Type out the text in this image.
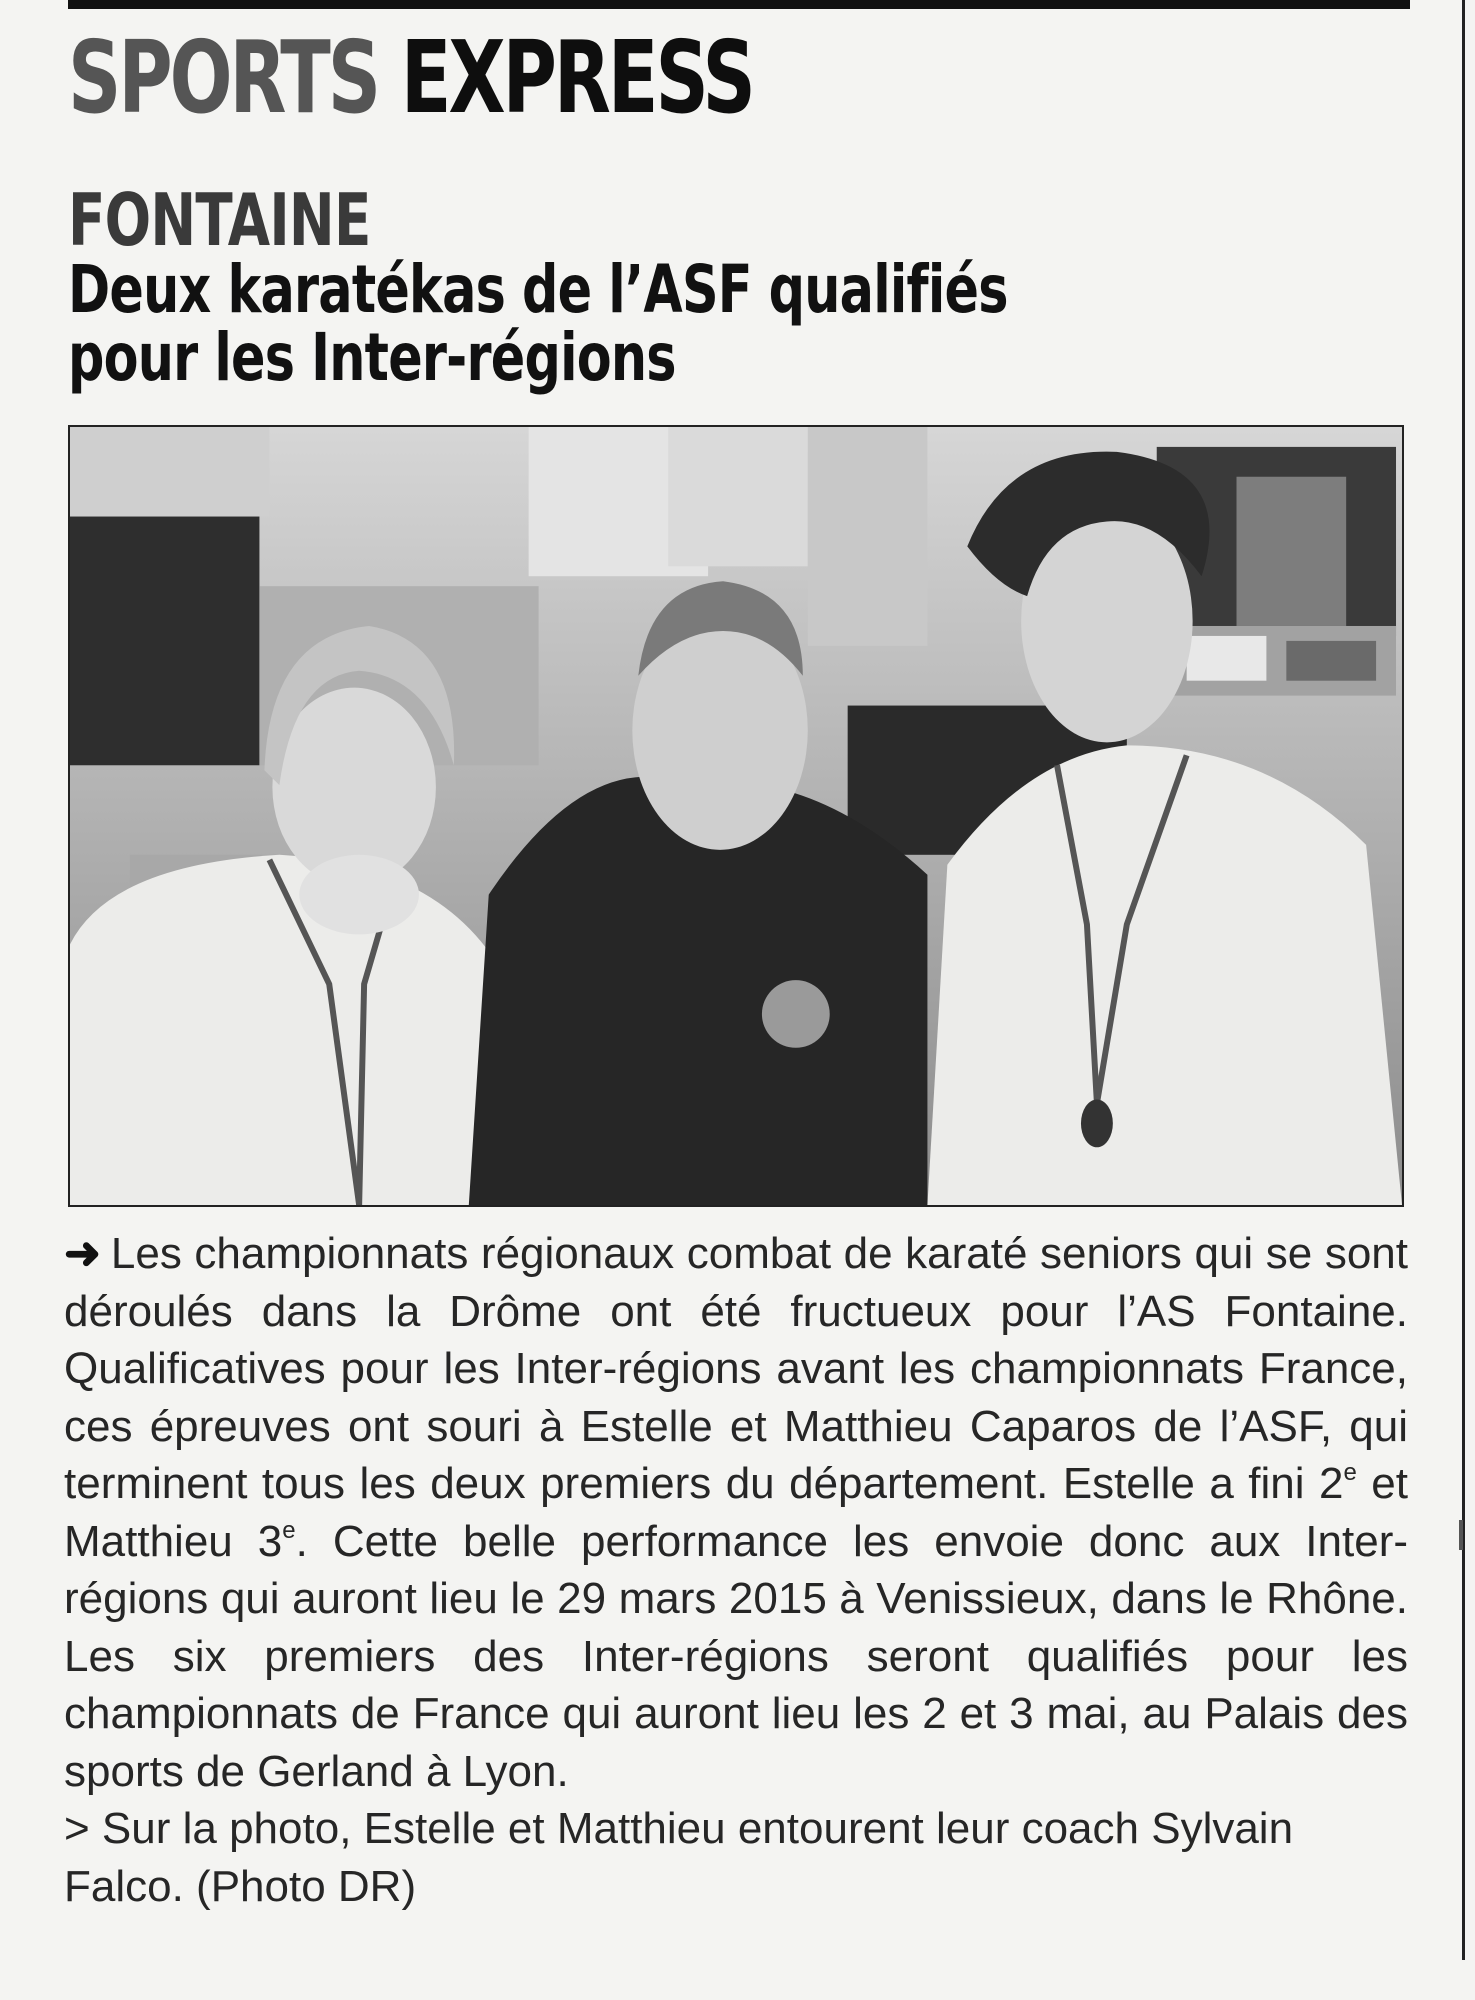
SPORTS EXPRESS
FONTAINE
Deux karatékas de l’ASF qualifiés
pour les Inter-régions

➜ Les championnats régionaux combat de karaté seniors qui se sont déroulés dans la Drôme ont été fructueux pour l’AS Fontaine. Qualificatives pour les Inter-régions avant les championnats France, ces épreuves ont souri à Estelle et Matthieu Caparos de l’ASF, qui terminent tous les deux premiers du département. Estelle a fini 2e et Matthieu 3e. Cette belle performance les envoie donc aux Inter-régions qui auront lieu le 29 mars 2015 à Venissieux, dans le Rhône. Les six premiers des Inter-régions seront qualifiés pour les championnats de France qui auront lieu les 2 et 3 mai, au Palais des sports de Gerland à Lyon.

> Sur la photo, Estelle et Matthieu entourent leur coach Sylvain Falco. (Photo DR)
